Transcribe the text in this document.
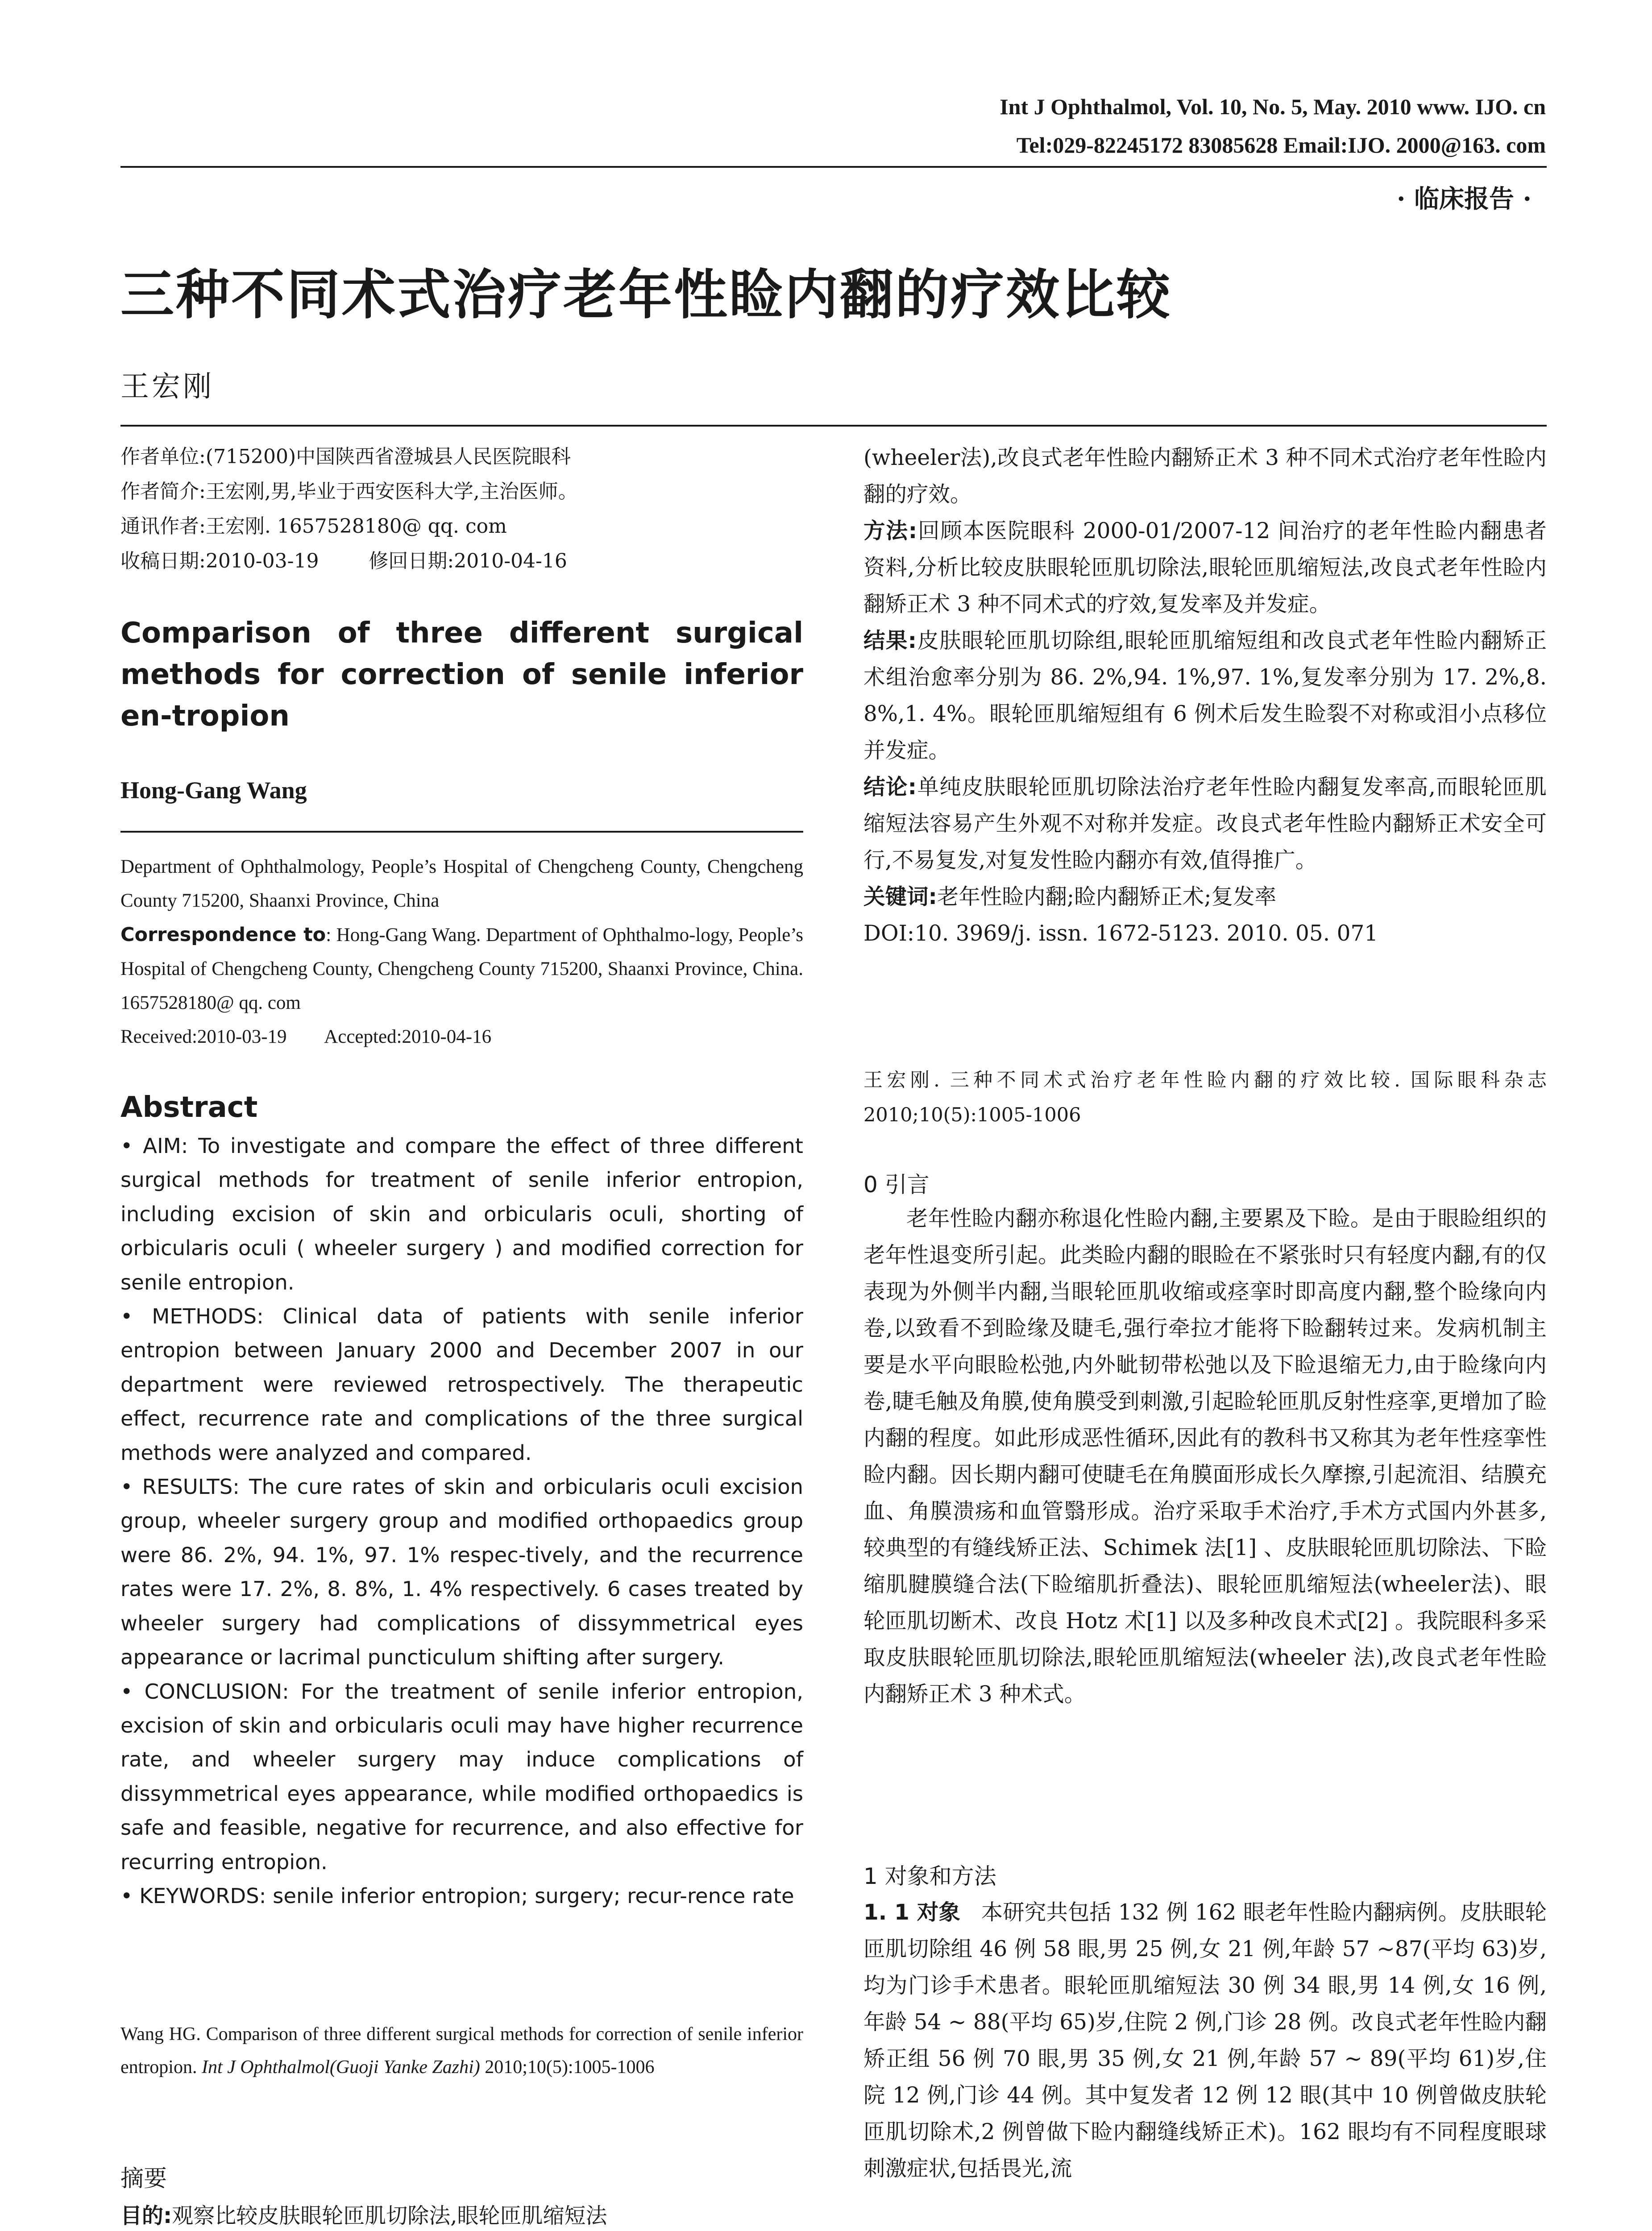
Int J Ophthalmol, Vol. 10, No. 5, May. 2010 www. IJO. cn
Tel:029-82245172 83085628 Email:IJO. 2000@163. com
· 临床报告 ·
三种不同术式治疗老年性睑内翻的疗效比较
王宏刚

作者单位:(715200)中国陕西省澄城县人民医院眼科

作者简介:王宏刚,男,毕业于西安医科大学,主治医师。

通讯作者:王宏刚. 1657528180@ qq. com

收稿日期:2010-03-19        修回日期:2010-04-16

Comparison of three different surgical methods for correction of senile inferior en-tropion
Hong-Gang Wang

Department of Ophthalmology, People’s Hospital of Chengcheng County, Chengcheng County 715200, Shaanxi Province, China

Correspondence to: Hong-Gang Wang. Department of Ophthalmo-logy, People’s Hospital of Chengcheng County, Chengcheng County 715200, Shaanxi Province, China. 1657528180@ qq. com

Received:2010-03-19        Accepted:2010-04-16

Abstract

• AIM: To investigate and compare the effect of three different surgical methods for treatment of senile inferior entropion, including excision of skin and orbicularis oculi, shorting of orbicularis oculi ( wheeler surgery ) and modified correction for senile entropion.

• METHODS: Clinical data of patients with senile inferior entropion between January 2000 and December 2007 in our department were reviewed retrospectively. The therapeutic effect, recurrence rate and complications of the three surgical methods were analyzed and compared.

• RESULTS: The cure rates of skin and orbicularis oculi excision group, wheeler surgery group and modified orthopaedics group were 86. 2%, 94. 1%, 97. 1% respec-tively, and the recurrence rates were 17. 2%, 8. 8%, 1. 4% respectively. 6 cases treated by wheeler surgery had complications of dissymmetrical eyes appearance or lacrimal puncticulum shifting after surgery.

• CONCLUSION: For the treatment of senile inferior entropion, excision of skin and orbicularis oculi may have higher recurrence rate, and wheeler surgery may induce complications of dissymmetrical eyes appearance, while modified orthopaedics is safe and feasible, negative for recurrence, and also effective for recurring entropion.

• KEYWORDS: senile inferior entropion; surgery; recur-rence rate

Wang HG. Comparison of three different surgical methods for correction of senile inferior entropion. Int J Ophthalmol(Guoji Yanke Zazhi) 2010;10(5):1005-1006
摘要
目的:观察比较皮肤眼轮匝肌切除法,眼轮匝肌缩短法

(wheeler法),改良式老年性睑内翻矫正术 3 种不同术式治疗老年性睑内翻的疗效。

方法:回顾本医院眼科 2000-01/2007-12 间治疗的老年性睑内翻患者资料,分析比较皮肤眼轮匝肌切除法,眼轮匝肌缩短法,改良式老年性睑内翻矫正术 3 种不同术式的疗效,复发率及并发症。

结果:皮肤眼轮匝肌切除组,眼轮匝肌缩短组和改良式老年性睑内翻矫正术组治愈率分别为 86. 2%,94. 1%,97. 1%,复发率分别为 17. 2%,8. 8%,1. 4%。眼轮匝肌缩短组有 6 例术后发生睑裂不对称或泪小点移位并发症。

结论:单纯皮肤眼轮匝肌切除法治疗老年性睑内翻复发率高,而眼轮匝肌缩短法容易产生外观不对称并发症。改良式老年性睑内翻矫正术安全可行,不易复发,对复发性睑内翻亦有效,值得推广。

关键词:老年性睑内翻;睑内翻矫正术;复发率

DOI:10. 3969/j. issn. 1672-5123. 2010. 05. 071

王宏刚. 三种不同术式治疗老年性睑内翻的疗效比较. 国际眼科杂志 2010;10(5):1005-1006
0 引言
老年性睑内翻亦称退化性睑内翻,主要累及下睑。是由于眼睑组织的老年性退变所引起。此类睑内翻的眼睑在不紧张时只有轻度内翻,有的仅表现为外侧半内翻,当眼轮匝肌收缩或痉挛时即高度内翻,整个睑缘向内卷,以致看不到睑缘及睫毛,强行牵拉才能将下睑翻转过来。发病机制主要是水平向眼睑松弛,内外眦韧带松弛以及下睑退缩无力,由于睑缘向内卷,睫毛触及角膜,使角膜受到刺激,引起睑轮匝肌反射性痉挛,更增加了睑内翻的程度。如此形成恶性循环,因此有的教科书又称其为老年性痉挛性睑内翻。因长期内翻可使睫毛在角膜面形成长久摩擦,引起流泪、结膜充血、角膜溃疡和血管翳形成。治疗采取手术治疗,手术方式国内外甚多,较典型的有缝线矫正法、Schimek 法[1] 、皮肤眼轮匝肌切除法、下睑缩肌腱膜缝合法(下睑缩肌折叠法)、眼轮匝肌缩短法(wheeler法)、眼轮匝肌切断术、改良 Hotz 术[1] 以及多种改良术式[2] 。我院眼科多采取皮肤眼轮匝肌切除法,眼轮匝肌缩短法(wheeler 法),改良式老年性睑内翻矫正术 3 种术式。
1 对象和方法
1. 1 对象 本研究共包括 132 例 162 眼老年性睑内翻病例。皮肤眼轮匝肌切除组 46 例 58 眼,男 25 例,女 21 例,年龄 57 ~87(平均 63)岁,均为门诊手术患者。眼轮匝肌缩短法 30 例 34 眼,男 14 例,女 16 例,年龄 54 ~ 88(平均 65)岁,住院 2 例,门诊 28 例。改良式老年性睑内翻矫正组 56 例 70 眼,男 35 例,女 21 例,年龄 57 ~ 89(平均 61)岁,住院 12 例,门诊 44 例。其中复发者 12 例 12 眼(其中 10 例曾做皮肤轮匝肌切除术,2 例曾做下睑内翻缝线矫正术)。162 眼均有不同程度眼球刺激症状,包括畏光,流
